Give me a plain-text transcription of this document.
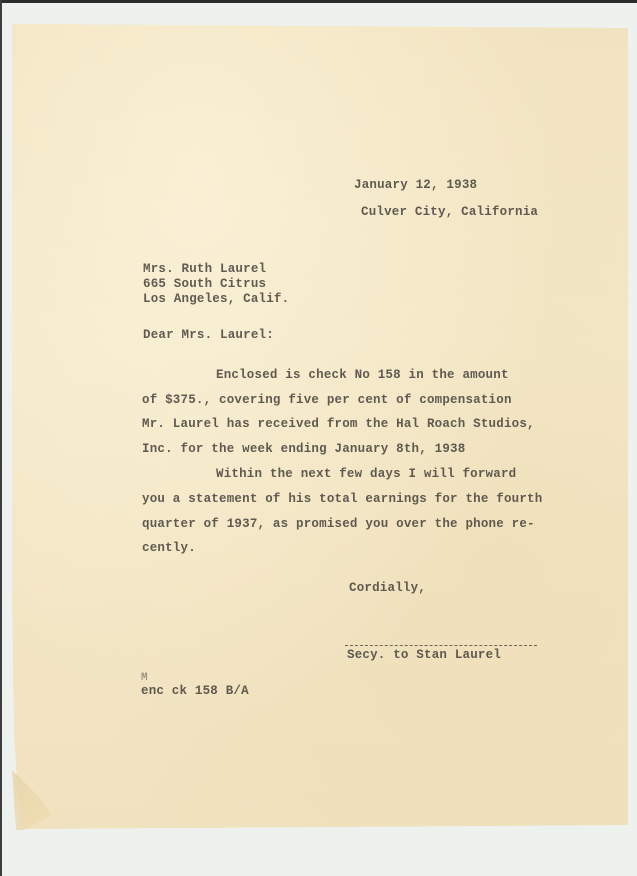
January 12, 1938
Culver City, California
Mrs. Ruth Laurel
665 South Citrus
Los Angeles, Calif.
Dear Mrs. Laurel:
Enclosed is check No 158 in the amount
of $375., covering five per cent of compensation
Mr. Laurel has received from the Hal Roach Studios,
Inc. for the week ending January 8th, 1938
Within the next few days I will forward
you a statement of his total earnings for the fourth
quarter of 1937, as promised you over the phone re-
cently.
Cordially,
Secy. to Stan Laurel
M
enc ck 158 B/A
